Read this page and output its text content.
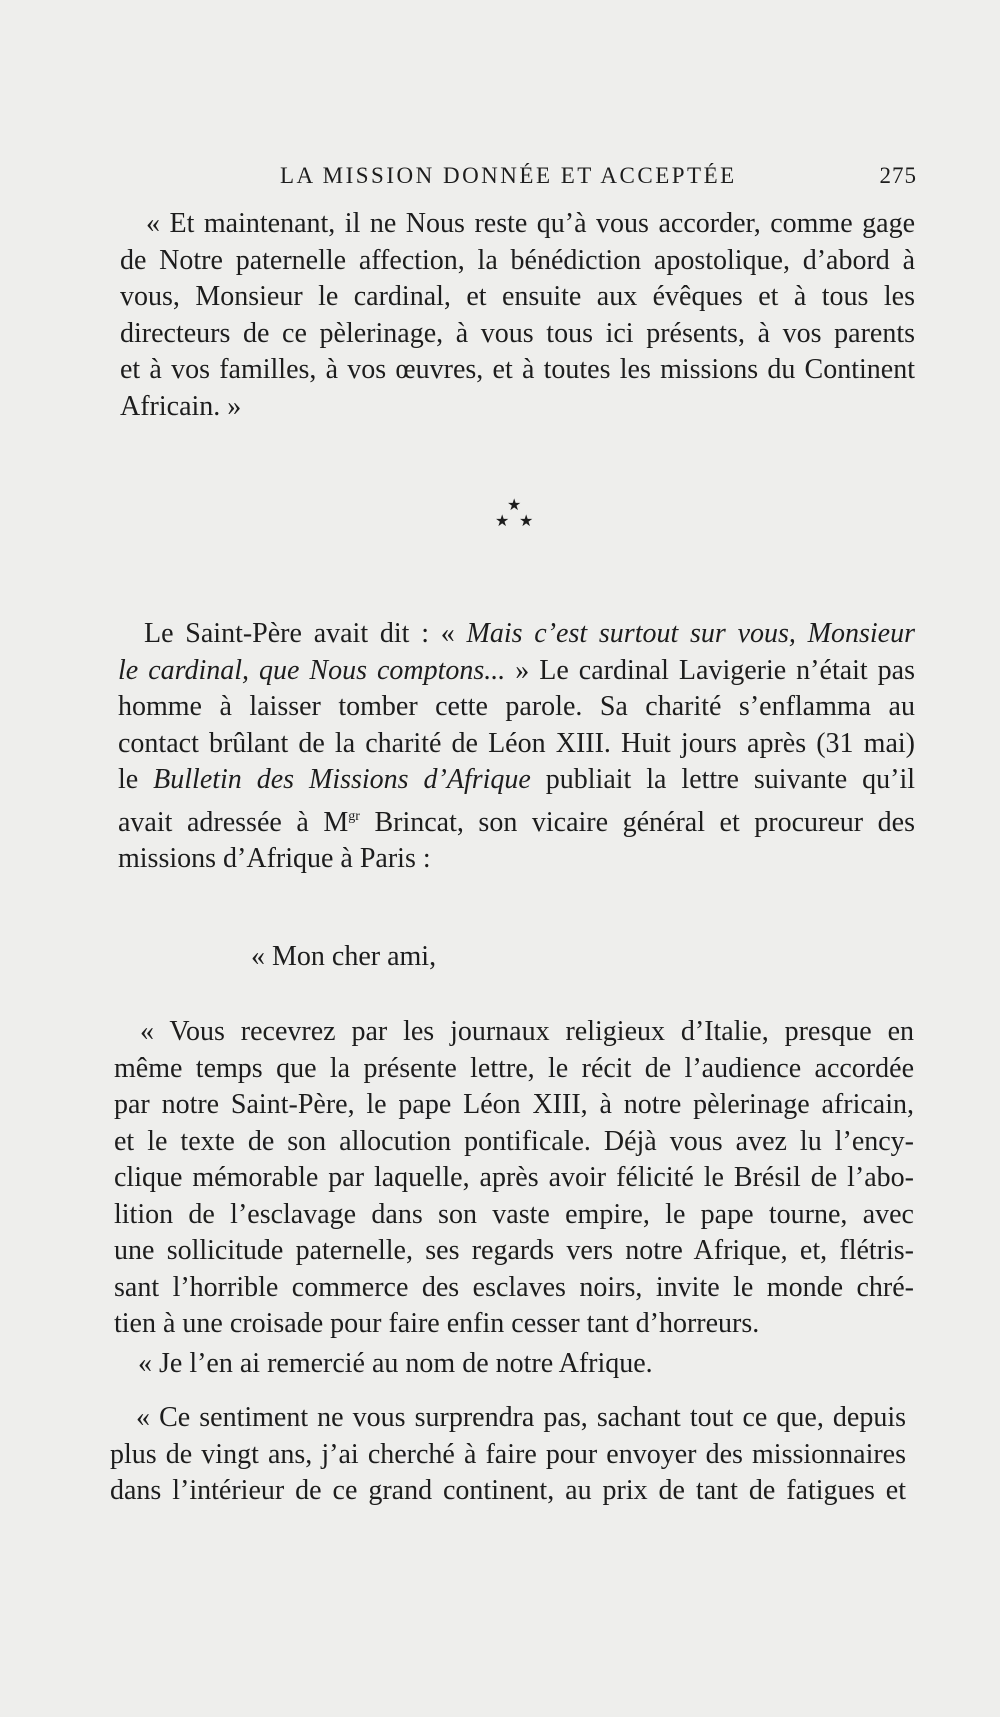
LA MISSION DONNÉE ET ACCEPTÉE	275
« Et maintenant, il ne Nous reste qu’à vous accorder, comme gage
de Notre paternelle affection, la bénédiction apostolique, d’abord à
vous, Monsieur le cardinal, et ensuite aux évêques et à tous les
directeurs de ce pèlerinage, à vous tous ici présents, à vos parents
et à vos familles, à vos œuvres, et à toutes les missions du Continent
Africain. »
★
★ ★
Le Saint-Père avait dit : « Mais c’est surtout sur vous, Monsieur
le cardinal, que Nous comptons... » Le cardinal Lavigerie n’était pas
homme à laisser tomber cette parole. Sa charité s’enflamma au
contact brûlant de la charité de Léon XIII. Huit jours après (31 mai)
le Bulletin des Missions d’Afrique publiait la lettre suivante qu’il
avait adressée à $M^{gr}$ Brincat, son vicaire général et procureur des
missions d’Afrique à Paris :
« Mon cher ami,
« Vous recevrez par les journaux religieux d’Italie, presque en
même temps que la présente lettre, le récit de l’audience accordée
par notre Saint-Père, le pape Léon XIII, à notre pèlerinage africain,
et le texte de son allocution pontificale. Déjà vous avez lu l’ency-
clique mémorable par laquelle, après avoir félicité le Brésil de l’abo-
lition de l’esclavage dans son vaste empire, le pape tourne, avec
une sollicitude paternelle, ses regards vers notre Afrique, et, flétris-
sant l’horrible commerce des esclaves noirs, invite le monde chré-
tien à une croisade pour faire enfin cesser tant d’horreurs.
« Je l’en ai remercié au nom de notre Afrique.
« Ce sentiment ne vous surprendra pas, sachant tout ce que, depuis
plus de vingt ans, j’ai cherché à faire pour envoyer des missionnaires
dans l’intérieur de ce grand continent, au prix de tant de fatigues et
